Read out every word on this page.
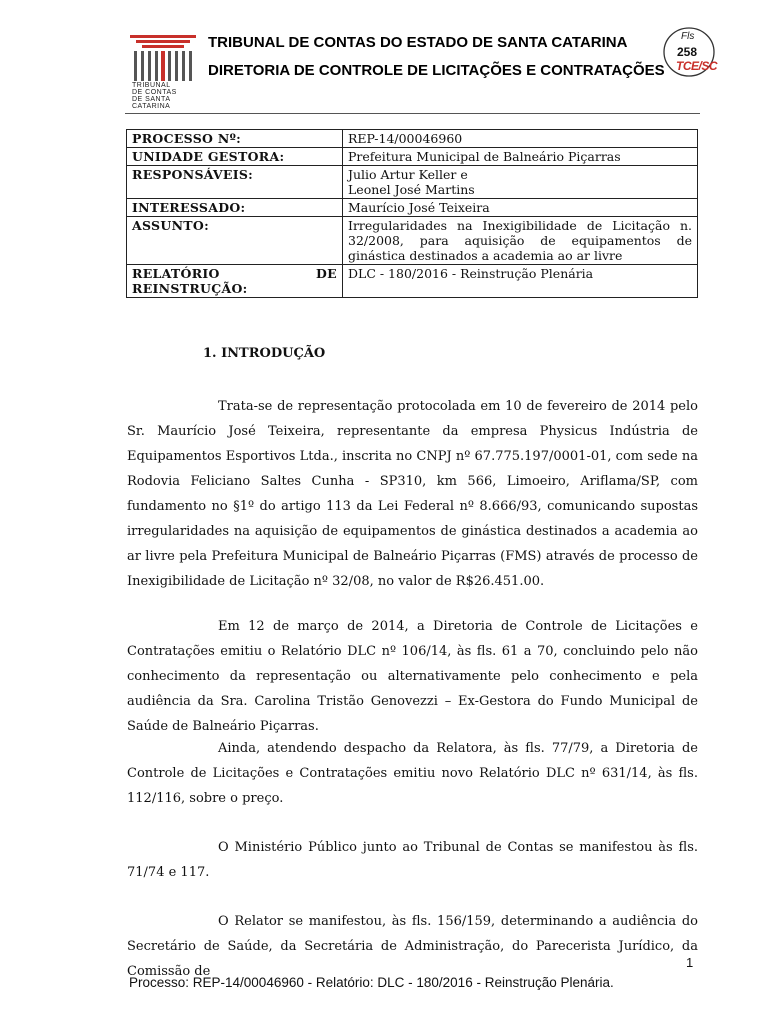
TRIBUNAL
DE CONTAS
DE SANTA
CATARINA
TRIBUNAL DE CONTAS DO ESTADO DE SANTA CATARINA
DIRETORIA DE CONTROLE DE LICITAÇÕES E CONTRATAÇÕES
Fls
258
TCE/SC
PROCESSO Nº:	REP-14/00046960
UNIDADE GESTORA:	Prefeitura Municipal de Balneário Piçarras
RESPONSÁVEIS:	Julio Artur Keller e
Leonel José Martins

INTERESSADO:	Maurício José Teixeira
ASSUNTO:	Irregularidades na Inexigibilidade de Licitação n. 32/2008, para aquisição de equipamentos de ginástica destinados a academia ao ar livre

RELATÓRIO DE
REINSTRUÇÃO:	DLC - 180/2016 - Reinstrução Plenária
1. INTRODUÇÃO

Trata-se de representação protocolada em 10 de fevereiro de 2014 pelo Sr. Maurício José Teixeira, representante da empresa Physicus Indústria de Equipamentos Esportivos Ltda., inscrita no CNPJ nº 67.775.197/0001-01, com sede na Rodovia Feliciano Saltes Cunha - SP310, km 566, Limoeiro, Ariflama/SP, com fundamento no §1º do artigo 113 da Lei Federal nº 8.666/93, comunicando supostas irregularidades na aquisição de equipamentos de ginástica destinados a academia ao ar livre pela Prefeitura Municipal de Balneário Piçarras (FMS) através de processo de Inexigibilidade de Licitação nº 32/08, no valor de R$26.451.00.

Em 12 de março de 2014, a Diretoria de Controle de Licitações e Contratações emitiu o Relatório DLC nº 106/14, às fls. 61 a 70, concluindo pelo não conhecimento da representação ou alternativamente pelo conhecimento e pela audiência da Sra. Carolina Tristão Genovezzi – Ex-Gestora do Fundo Municipal de Saúde de Balneário Piçarras.

Ainda, atendendo despacho da Relatora, às fls. 77/79, a Diretoria de Controle de Licitações e Contratações emitiu novo Relatório DLC nº 631/14, às fls. 112/116, sobre o preço.

O Ministério Público junto ao Tribunal de Contas se manifestou às fls. 71/74 e 117.

O Relator se manifestou, às fls. 156/159, determinando a audiência do Secretário de Saúde, da Secretária de Administração, do Parecerista Jurídico, da Comissão de

1
Processo: REP-14/00046960 - Relatório: DLC - 180/2016 - Reinstrução Plenária.
